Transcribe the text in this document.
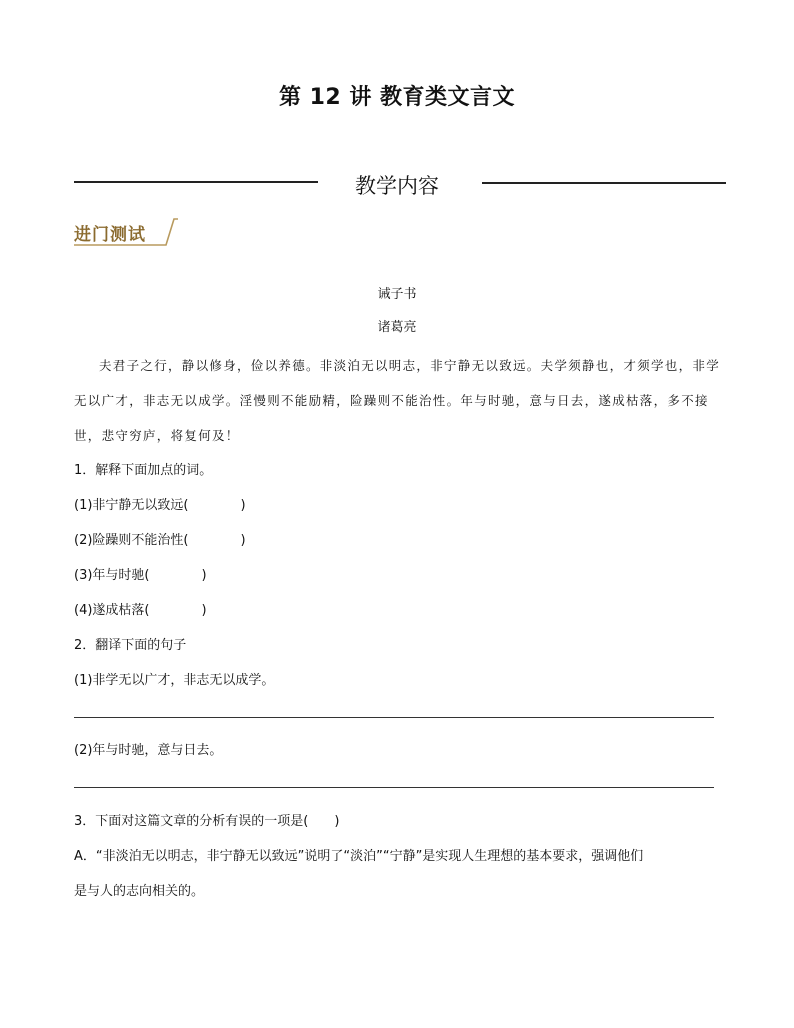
第 12 讲 教育类文言文
教学内容
进门测试
诫子书
诸葛亮
夫君子之行，静以修身，俭以养德。非淡泊无以明志，非宁静无以致远。夫学须静也，才须学也，非学无以广才，非志无以成学。淫慢则不能励精，险躁则不能治性。年与时驰，意与日去，遂成枯落，多不接世，悲守穷庐，将复何及！
1．解释下面加点的词。
(1)非宁静无以致远(　　　　)
(2)险躁则不能治性(　　　　)
(3)年与时驰(　　　　)
(4)遂成枯落(　　　　)
2．翻译下面的句子
(1)非学无以广才，非志无以成学。
(2)年与时驰，意与日去。
3．下面对这篇文章的分析有误的一项是(　　)
A．“非淡泊无以明志，非宁静无以致远”说明了“淡泊”“宁静”是实现人生理想的基本要求，强调他们
是与人的志向相关的。
